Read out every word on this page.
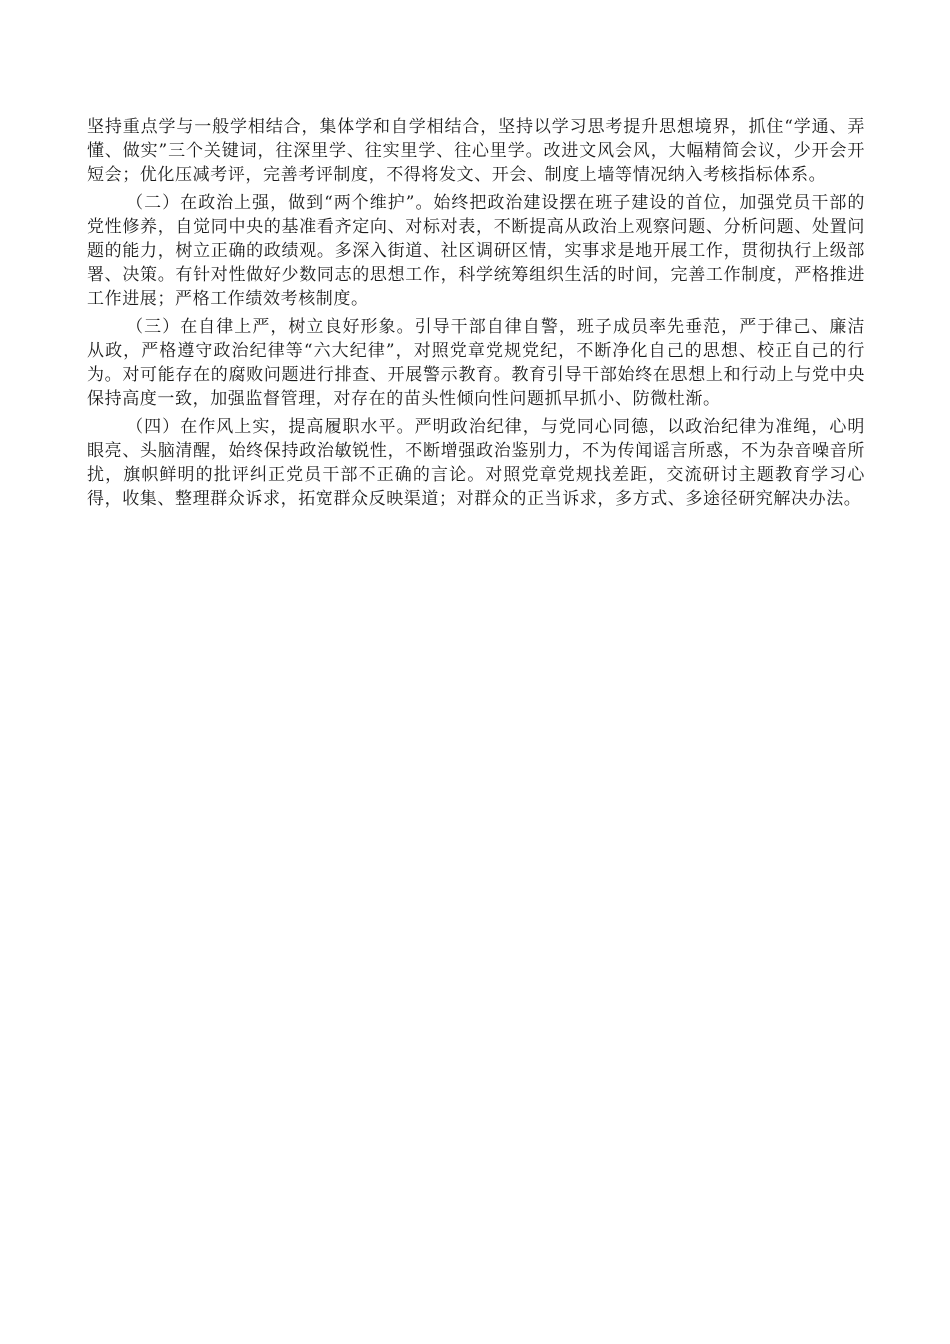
坚持重点学与一般学相结合，集体学和自学相结合，坚持以学习思考提升思想境界，抓住“学通、弄懂、做实”三个关键词，往深里学、往实里学、往心里学。改进文风会风，大幅精简会议，少开会开短会；优化压减考评，完善考评制度，不得将发文、开会、制度上墙等情况纳入考核指标体系。

（二）在政治上强，做到“两个维护”。始终把政治建设摆在班子建设的首位，加强党员干部的党性修养，自觉同中央的基准看齐定向、对标对表，不断提高从政治上观察问题、分析问题、处置问题的能力，树立正确的政绩观。多深入街道、社区调研区情，实事求是地开展工作，贯彻执行上级部署、决策。有针对性做好少数同志的思想工作，科学统筹组织生活的时间，完善工作制度，严格推进工作进展；严格工作绩效考核制度。

（三）在自律上严，树立良好形象。引导干部自律自警，班子成员率先垂范，严于律己、廉洁从政，严格遵守政治纪律等“六大纪律”，对照党章党规党纪，不断净化自己的思想、校正自己的行为。对可能存在的腐败问题进行排查、开展警示教育。教育引导干部始终在思想上和行动上与党中央保持高度一致，加强监督管理，对存在的苗头性倾向性问题抓早抓小、防微杜渐。

（四）在作风上实，提高履职水平。严明政治纪律，与党同心同德，以政治纪律为准绳，心明眼亮、头脑清醒，始终保持政治敏锐性，不断增强政治鉴别力，不为传闻谣言所惑，不为杂音噪音所扰，旗帜鲜明的批评纠正党员干部不正确的言论。对照党章党规找差距，交流研讨主题教育学习心得，收集、整理群众诉求，拓宽群众反映渠道；对群众的正当诉求，多方式、多途径研究解决办法。
